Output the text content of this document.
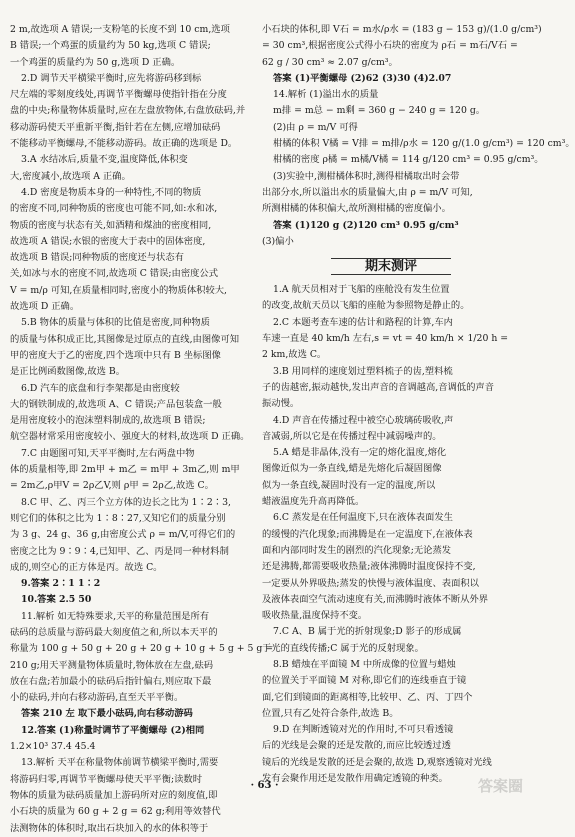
2 m,故选项 A 错误;一支粉笔的长度不到 10 cm,选项
B 错误;一个鸡蛋的质量约为 50 kg,选项 C 错误;
一个鸡蛋的质量约为 50 g,选项 D 正确。
2.D 调节天平横梁平衡时,应先将游码移到标
尺左端的零刻度线处,再调节平衡螺母使指针指在分度
盘的中央;称量物体质量时,应在左盘放物体,右盘放砝码,并
移动游码使天平重新平衡,指针若在左侧,应增加砝码
不能移动平衡螺母,不能移动游码。故正确的选项是 D。
3.A 水结冰后,质量不变,温度降低,体积变
大,密度减小,故选项 A 正确。
4.D 密度是物质本身的一种特性,不同的物质
的密度不同,同种物质的密度也可能不同,如:水和冰,
物质的密度与状态有关,如酒精和煤油的密度相同,
故选项 A 错误;水银的密度大于表中的固体密度,
故选项 B 错误;同种物质的密度还与状态有
关,如冰与水的密度不同,故选项 C 错误;由密度公式
V = m/ρ 可知,在质量相同时,密度小的物质体积较大,
故选项 D 正确。
5.B 物体的质量与体积的比值是密度,同种物质
的质量与体积成正比,其图像是过原点的直线,由图像可知
甲的密度大于乙的密度,四个选项中只有 B 坐标图像
是正比例函数图像,故选 B。
6.D 汽车的底盘和行李架都是由密度较
大的钢铁制成的,故选项 A、C 错误;产品包装盒一般
是用密度较小的泡沫塑料制成的,故选项 B 错误;
航空器材常采用密度较小、强度大的材料,故选项 D 正确。
7.C 由题图可知,天平平衡时,左右两盘中物
体的质量相等,即 2m甲 + m乙 = m甲 + 3m乙,则 m甲
= 2m乙,ρ甲V = 2ρ乙V,则 ρ甲 = 2ρ乙,故选 C。
8.C 甲、乙、丙三个立方体的边长之比为 1∶2∶3,
则它们的体积之比为 1∶8∶27,又知它们的质量分别
为 3 g、24 g、36 g,由密度公式 ρ = m/V,可得它们的
密度之比为 9∶9∶4,已知甲、乙、丙是同一种材料制
成的,则空心的正方体是丙。故选 C。
9.答案 2∶1 1∶2
10.答案 2.5 50
11.解析 如无特殊要求,天平的称量范围是所有
砝码的总质量与游码最大刻度值之和,所以本天平的
称量为 100 g + 50 g + 20 g + 20 g + 10 g + 5 g + 5 g =
210 g;用天平测量物体质量时,物体放在左盘,砝码
放在右盘;若加最小的砝码后指针偏右,则应取下最
小的砝码,并向右移动游码,直至天平平衡。
答案 210 左 取下最小砝码,向右移动游码
12.答案 (1)称量时调节了平衡螺母 (2)相同
1.2×10³ 37.4 45.4
13.解析 天平在称量物体前调节横梁平衡时,需要
将游码归零,再调节平衡螺母使天平平衡;读数时
物体的质量为砝码质量加上游码所对应的刻度值,即
小石块的质量为 60 g + 2 g = 62 g;利用等效替代
法测物体的体积时,取出石块加入的水的体积等于
小石块的体积,即 V石 = m水/ρ水 = (183 g − 153 g)/(1.0 g/cm³)
= 30 cm³,根据密度公式得小石块的密度为 ρ石 = m石/V石 =
62 g / 30 cm³ ≈ 2.07 g/cm³。
答案 (1)平衡螺母 (2)62 (3)30 (4)2.07
14.解析 (1)溢出水的质量
m排 = m总 − m剩 = 360 g − 240 g = 120 g。
(2)由 ρ = m/V 可得
柑橘的体积 V橘 = V排 = m排/ρ水 = 120 g/(1.0 g/cm³) = 120 cm³。
柑橘的密度 ρ橘 = m橘/V橘 = 114 g/120 cm³ = 0.95 g/cm³。
(3)实验中,测柑橘体积时,测得柑橘取出时会带
出部分水,所以溢出水的质量偏大,由 ρ = m/V 可知,
所测柑橘的体积偏大,故所测柑橘的密度偏小。
答案 (1)120 g (2)120 cm³ 0.95 g/cm³
(3)偏小
期末测评
1.A 航天员相对于飞船的座舱没有发生位置
的改变,故航天员以飞船的座舱为参照物是静止的。
2.C 本题考查车速的估计和路程的计算,车内
车速一直是 40 km/h 左右,s = vt = 40 km/h × 1/20 h =
2 km,故选 C。
3.B 用同样的速度划过塑料梳子的齿,塑料梳
子的齿越密,振动越快,发出声音的音调越高,音调低的声音
振动慢。
4.D 声音在传播过程中被空心玻璃砖吸收,声
音减弱,所以它是在传播过程中减弱噪声的。
5.A 蜡是非晶体,没有一定的熔化温度,熔化
图像近似为一条直线,蜡是先熔化后凝固图像
似为一条直线,凝固时没有一定的温度,所以
蜡液温度先升高再降低。
6.C 蒸发是在任何温度下,只在液体表面发生
的缓慢的汽化现象;而沸腾是在一定温度下,在液体表
面和内部同时发生的剧烈的汽化现象;无论蒸发
还是沸腾,都需要吸收热量;液体沸腾时温度保持不变,
一定要从外界吸热;蒸发的快慢与液体温度、表面积以
及液体表面空气流动速度有关,而沸腾时液体不断从外界
吸收热量,温度保持不变。
7.C A、B 属于光的折射现象;D 影子的形成属
于光的直线传播;C 属于光的反射现象。
8.B 蜡烛在平面镜 M 中所成像的位置与蜡烛
的位置关于平面镜 M 对称,即它们的连线垂直于镜
面,它们到镜面的距离相等,比较甲、乙、丙、丁四个
位置,只有乙处符合条件,故选 B。
9.D 在判断透镜对光的作用时,不可只看透镜
后的光线是会聚的还是发散的,而应比较透过透
镜后的光线是发散的还是会聚的,故选 D,观察透镜对光线
发有会聚作用还是发散作用确定透镜的种类。
· 63 ·	答案圈
